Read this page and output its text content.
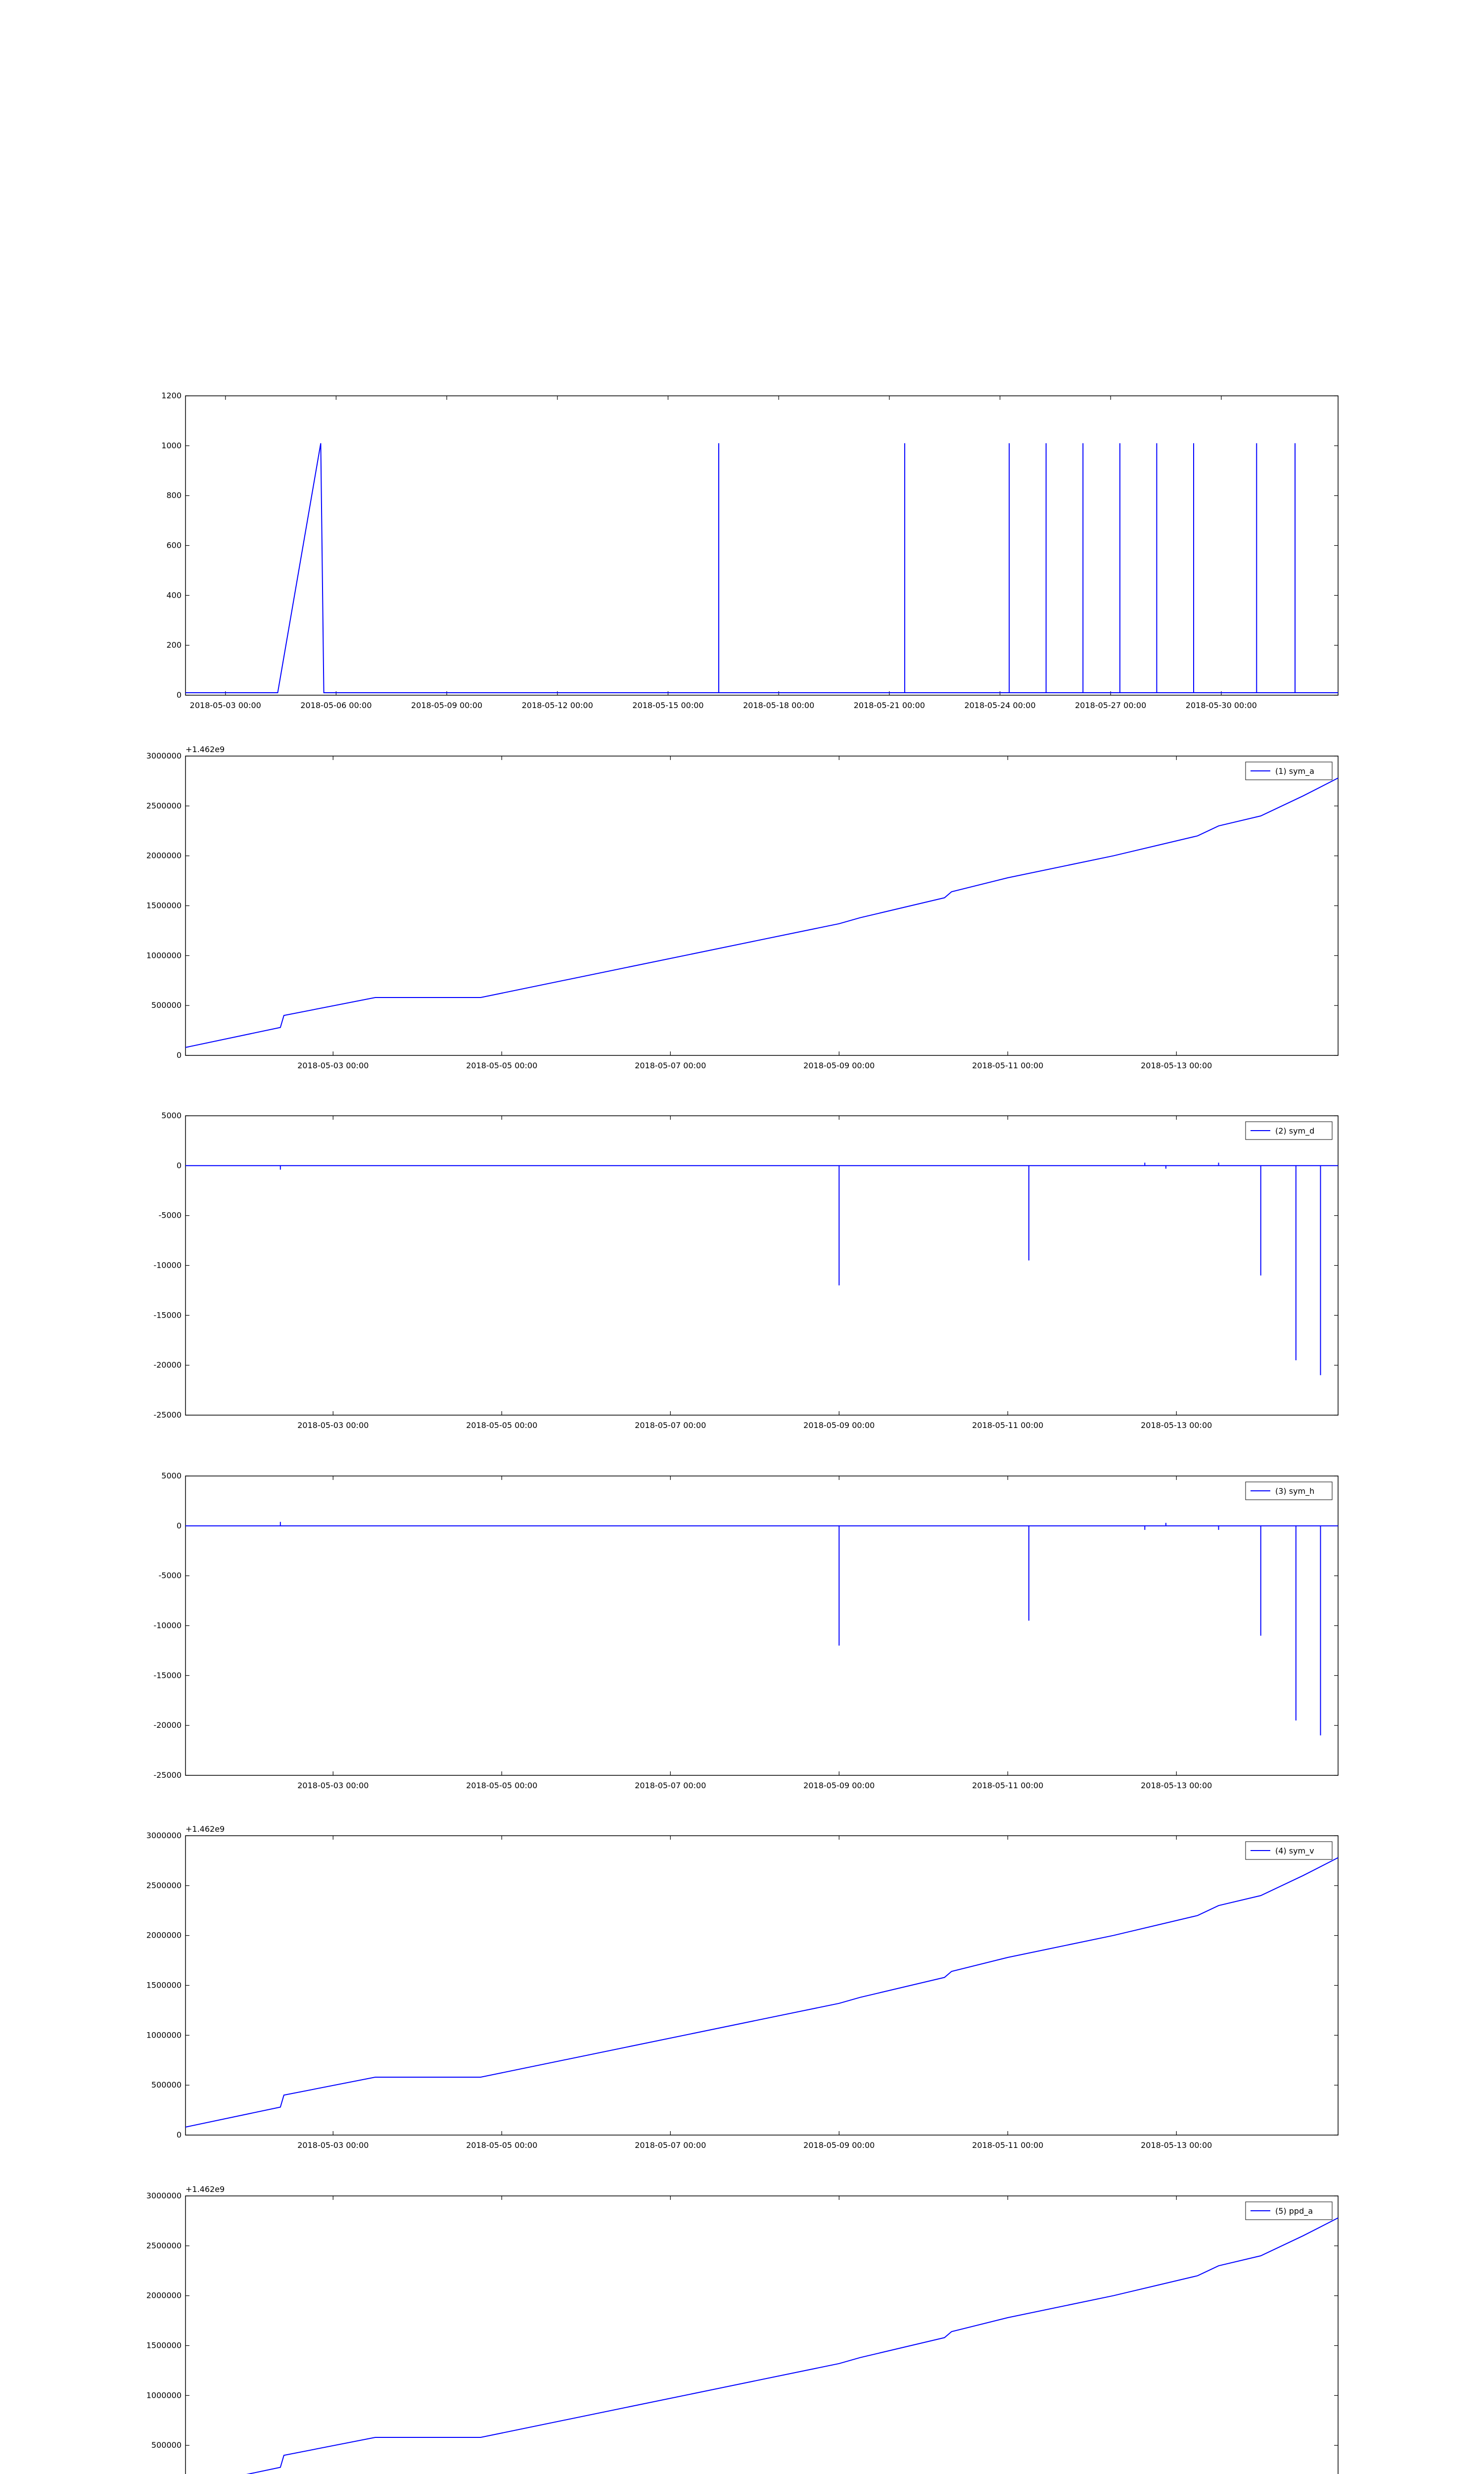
0
200
400
600
800
1000
1200
2018-05-03 00:00	2018-05-06 00:00	2018-05-09 00:00	2018-05-12 00:00	2018-05-15 00:00	2018-05-18 00:00	2018-05-21 00:00	2018-05-24 00:00	2018-05-27 00:00	2018-05-30 00:00
0
500000
1000000
1500000
2000000
2500000
3000000
2018-05-03 00:00	2018-05-05 00:00	2018-05-07 00:00	2018-05-09 00:00	2018-05-11 00:00	2018-05-13 00:00
+1.462e9
(1) sym_a
-25000
-20000
-15000
-10000
-5000
0
5000
2018-05-03 00:00	2018-05-05 00:00	2018-05-07 00:00	2018-05-09 00:00	2018-05-11 00:00	2018-05-13 00:00
(2) sym_d
-25000
-20000
-15000
-10000
-5000
0
5000
2018-05-03 00:00	2018-05-05 00:00	2018-05-07 00:00	2018-05-09 00:00	2018-05-11 00:00	2018-05-13 00:00
(3) sym_h
0
500000
1000000
1500000
2000000
2500000
3000000
2018-05-03 00:00	2018-05-05 00:00	2018-05-07 00:00	2018-05-09 00:00	2018-05-11 00:00	2018-05-13 00:00
+1.462e9
(4) sym_v
500000
1000000
1500000
2000000
2500000
3000000
+1.462e9
(5) ppd_a
